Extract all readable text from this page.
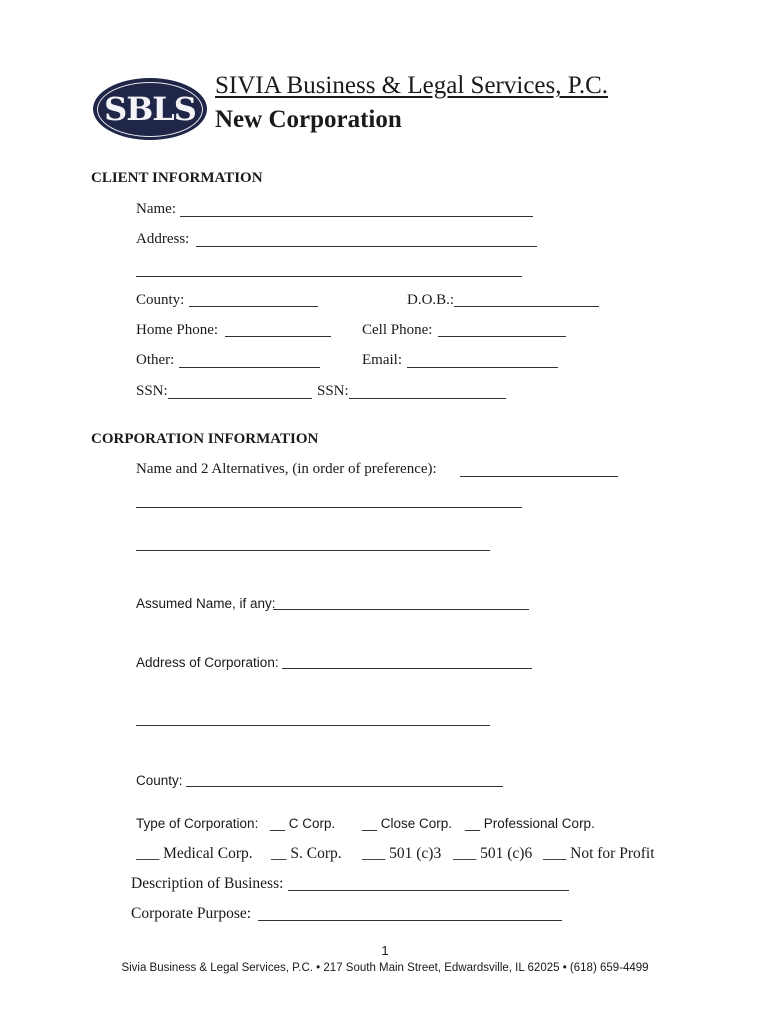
SBLS
SIVIA Business & Legal Services, P.C.
New Corporation
CLIENT INFORMATION
Name:
Address:
County:	D.O.B.:
Home Phone:	Cell Phone:
Other:	Email:
SSN:	SSN:
CORPORATION INFORMATION
Name and 2 Alternatives, (in order of preference):
Assumed Name, if any:
Address of Corporation:
County:
Type of Corporation: __ C Corp. __ Close Corp. __ Professional Corp.
___ Medical Corp. __ S. Corp. ___ 501 (c)3 ___ 501 (c)6 ___ Not for Profit
Description of Business:
Corporate Purpose:
1
Sivia Business & Legal Services, P.C. • 217 South Main Street, Edwardsville, IL 62025 • (618) 659-4499
